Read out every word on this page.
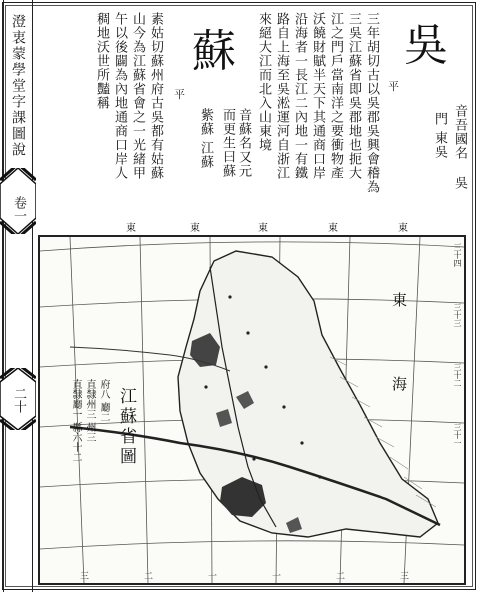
澄衷蒙學堂字課圖說
卷一
二十
吳
平
音吾國名
吳
門 東吳
三年胡切古以吳郡吳興會稽為
三吳江蘇省即吳郡地也扼大
江之門戶當南洋之要衝物產
沃饒財賦半天下其通商口岸
沿海者一長江二內地一有鐵
路自上海至吳淞運河自浙江
來絕大江而北入山東境
蘇
平
音蘇名又元
而更生曰蘇
紫蘇 江蘇
素姑切蘇州府古吳都有姑蘇
山今為江蘇省會之一光緒甲
午以後闢為內地通商口岸人
稠地沃世所豔稱
東	東	東	東	東
三	二	一	一	二	三
三十四
三十三
三十二
三十一
東
海
江蘇省圖
府八 廳二
直隸州三 州三
直隸廳一 縣六十二
